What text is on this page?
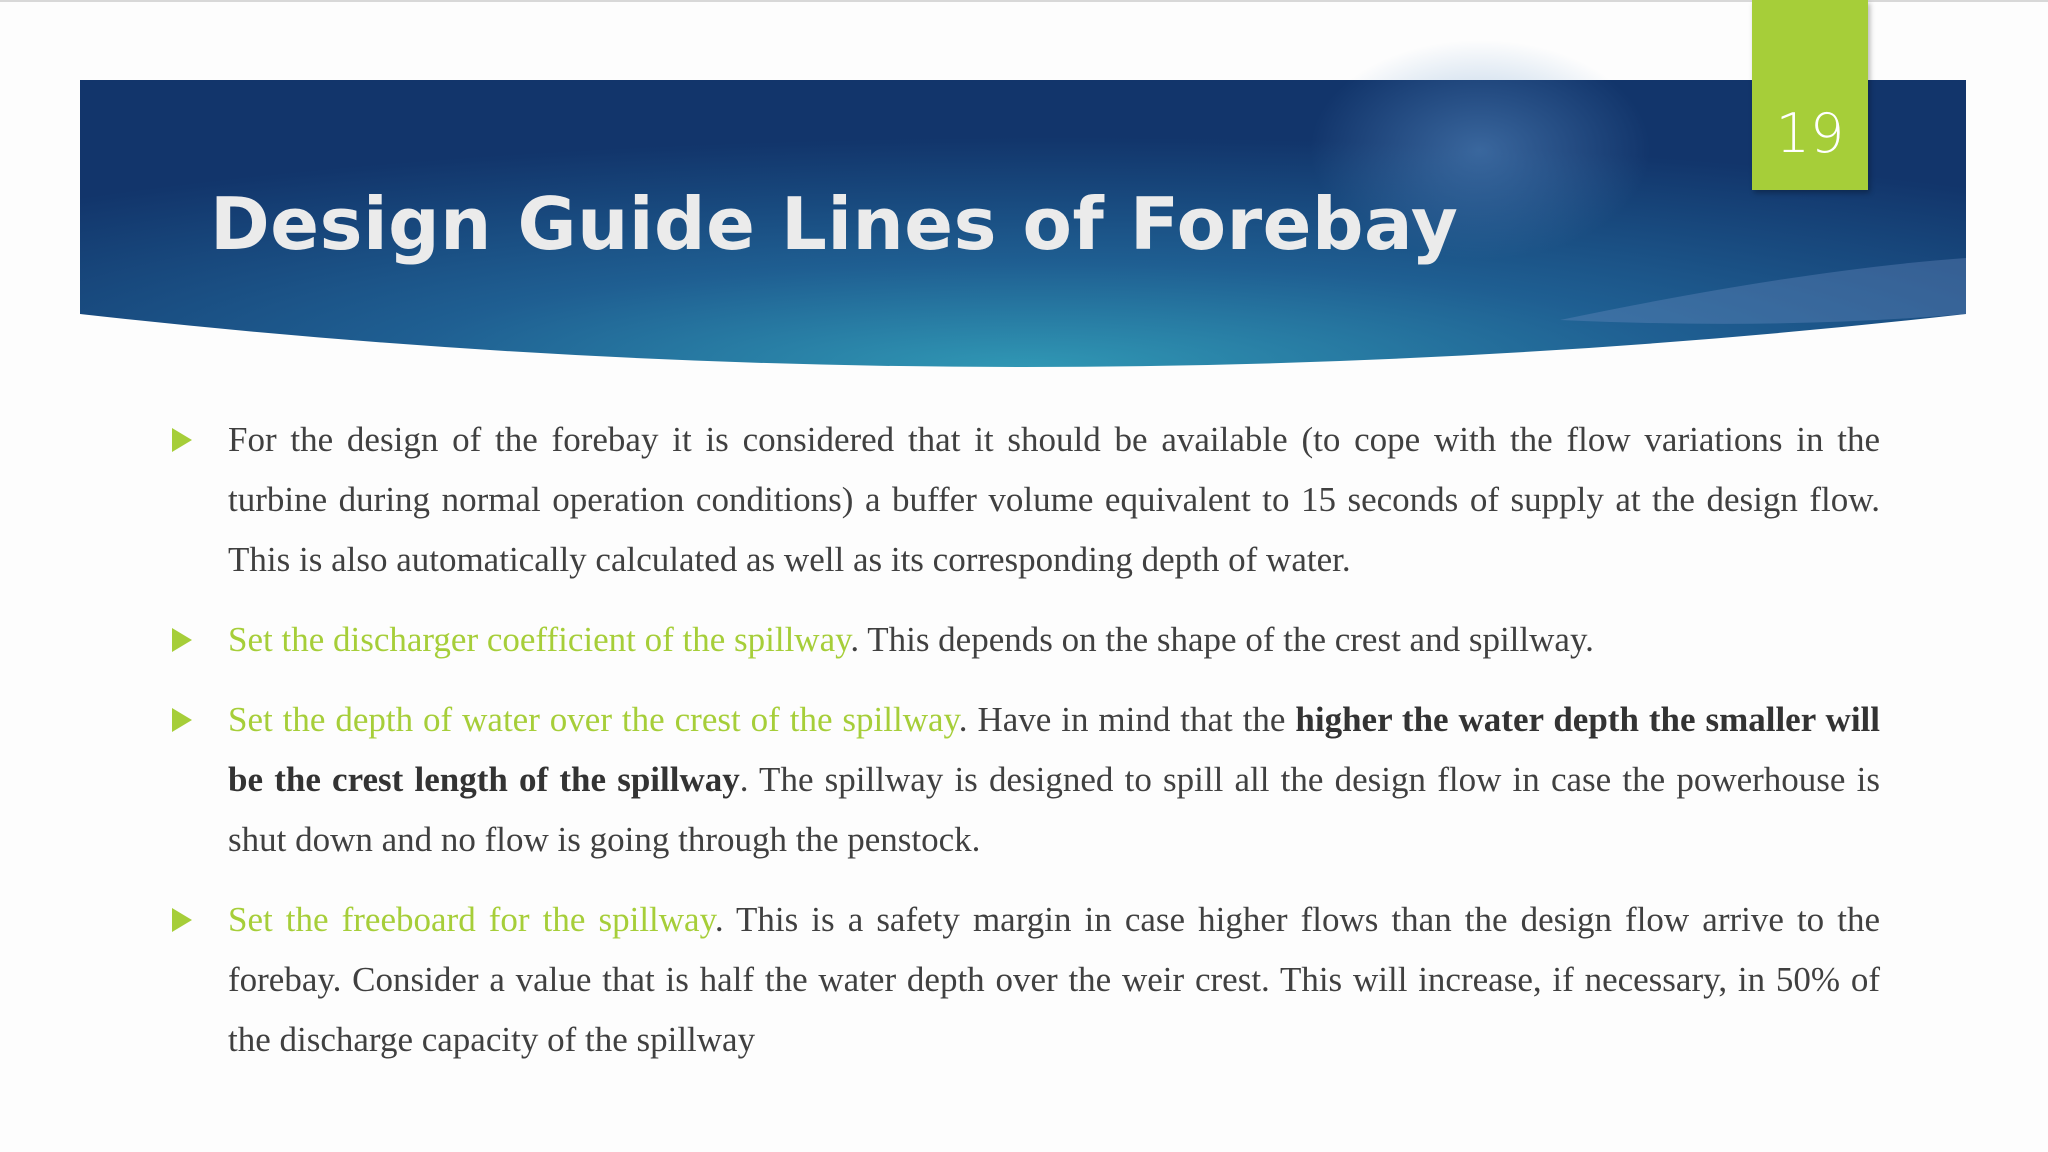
19
Design Guide Lines of Forebay
For the design of the forebay it is considered that it should be available (to cope with the flow variations in the turbine during normal operation conditions) a buffer volume equivalent to 15 seconds of supply at the design flow. This is also automatically calculated as well as its corresponding depth of water.
Set the discharger coefficient of the spillway. This depends on the shape of the crest and spillway.
Set the depth of water over the crest of the spillway. Have in mind that the higher the water depth the smaller will be the crest length of the spillway. The spillway is designed to spill all the design flow in case the powerhouse is shut down and no flow is going through the penstock.
Set the freeboard for the spillway. This is a safety margin in case higher flows than the design flow arrive to the forebay. Consider a value that is half the water depth over the weir crest. This will increase, if necessary, in 50% of the discharge capacity of the spillway
